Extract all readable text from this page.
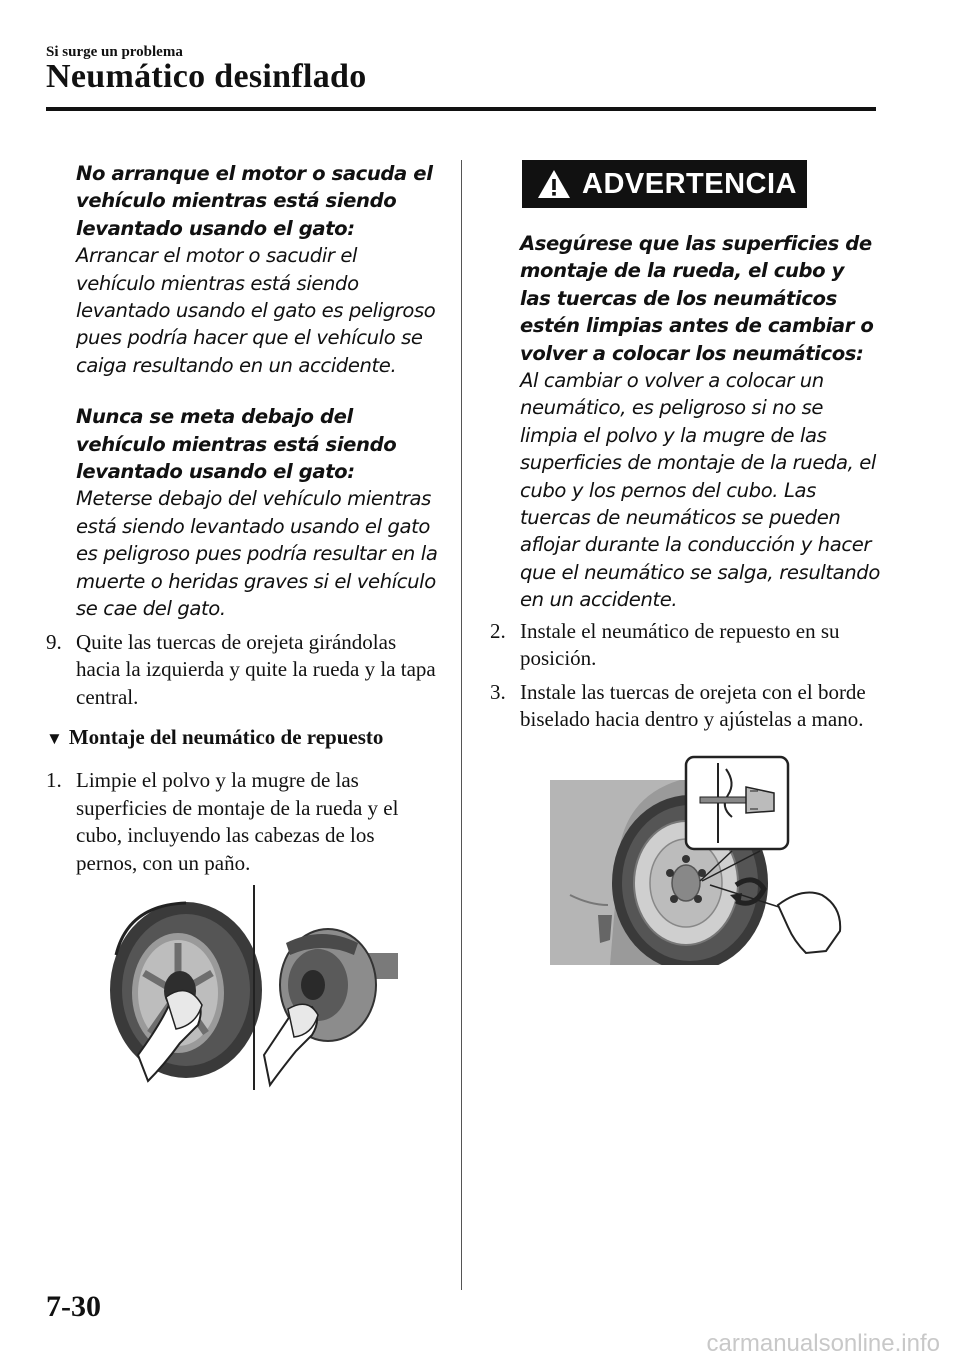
Si surge un problema
Neumático desinflado

No arranque el motor o sacuda el vehículo mientras está siendo levantado usando el gato:

Arrancar el motor o sacudir el vehículo mientras está siendo levantado usando el gato es peligroso pues podría hacer que el vehículo se caiga resultando en un accidente.

Nunca se meta debajo del vehículo mientras está siendo levantado usando el gato:

Meterse debajo del vehículo mientras está siendo levantado usando el gato es peligroso pues podría resultar en la muerte o heridas graves si el vehículo se cae del gato.

9. Quite las tuercas de orejeta girándolas hacia la izquierda y quite la rueda y la tapa central.
▼ Montaje del neumático de repuesto
1. Limpie el polvo y la mugre de las superficies de montaje de la rueda y el cubo, incluyendo las cabezas de los pernos, con un paño.
ADVERTENCIA

Asegúrese que las superficies de montaje de la rueda, el cubo y las tuercas de los neumáticos estén limpias antes de cambiar o volver a colocar los neumáticos:

Al cambiar o volver a colocar un neumático, es peligroso si no se limpia el polvo y la mugre de las superficies de montaje de la rueda, el cubo y los pernos del cubo. Las tuercas de neumáticos se pueden aflojar durante la conducción y hacer que el neumático se salga, resultando en un accidente.

2. Instale el neumático de repuesto en su posición.
3. Instale las tuercas de orejeta con el borde biselado hacia dentro y ajústelas a mano.
7-30
carmanualsonline.info
